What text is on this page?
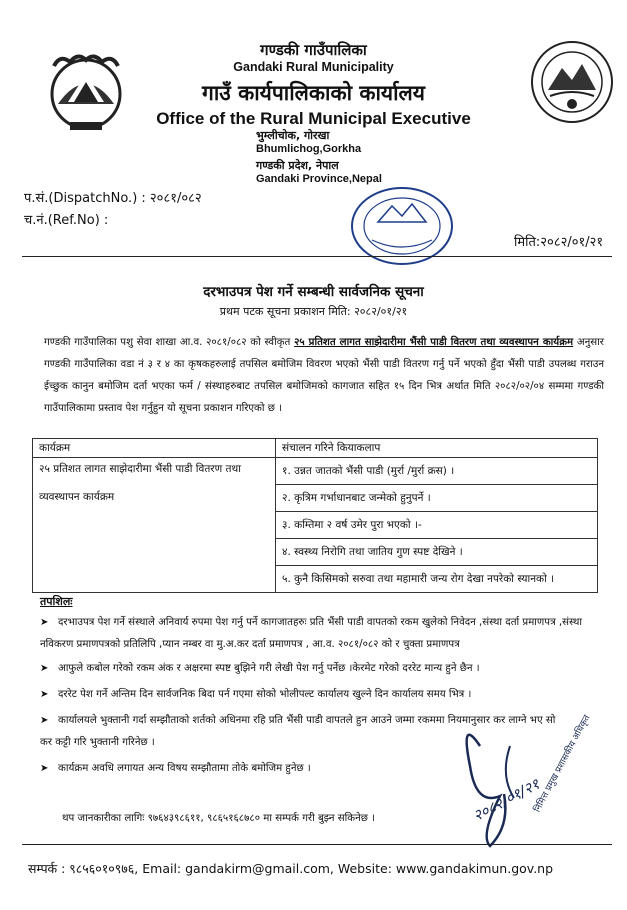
गण्डकी गाउँपालिका
Gandaki Rural Municipality
गाउँ कार्यपालिकाको कार्यालय
Office of the Rural Municipal Executive
भुम्लीचोक, गोरखा
Bhumlichog,Gorkha
गण्डकी प्रदेश, नेपाल
Gandaki Province,Nepal
प.सं.(DispatchNo.) : २०८१/०८२
च.नं.(Ref.No) :
मिति:२०८२/०१/२१
दरभाउपत्र पेश गर्ने सम्बन्धी सार्वजनिक सूचना
प्रथम पटक सूचना प्रकाशन मिति: २०८२/०१/२१
गण्डकी गाउँपालिका पशु सेवा शाखा आ.व. २०८१/०८२ को स्वीकृत २५ प्रतिशत लागत साझेदारीमा भैंसी पाडी वितरण तथा व्यवस्थापन कार्यक्रम अनुसार गण्डकी गाउँपालिका वडा नं ३ र ४ का कृषकहरुलाई तपसिल बमोजिम विवरण भएको भैंसी पाडी वितरण गर्नु पर्ने भएको हुँदा भैंसी पाडी उपलब्ध गराउन ईच्छुक कानुन बमोजिम दर्ता भएका फर्म / संस्थाहरुबाट तपसिल बमोजिमको कागजात सहित १५ दिन भित्र अर्थात मिति २०८२/०२/०४ सम्ममा गण्डकी गाउँपालिकामा प्रस्ताव पेश गर्नुहुन यो सूचना प्रकाशन गरिएको छ ।
कार्यक्रम	संचालन गरिने कियाकलाप

२५ प्रतिशत लागत साझेदारीमा भैंसी पाडी वितरण तथा
व्यवस्थापन कार्यक्रम	१. उन्नत जातको भैंसी पाडी (मुर्रा /मुर्रा क्रस) ।
	२. कृत्रिम गर्भाधानबाट जन्मेको हुनुपर्ने ।
	३. कम्तिमा २ वर्ष उमेर पुरा भएको ।-
	४. स्वस्थ्य निरोगि तथा जातिय गुण स्पष्ट देखिने ।
	५. कुनै किसिमको सरुवा तथा महामारी जन्य रोग देखा नपरेको स्यानको ।
तपशिलः
➤ दरभाउपत्र पेश गर्ने संस्थाले अनिवार्य रुपमा पेश गर्नु पर्ने कागजातहरुः प्रति भैंसी पाडी वापतको रकम खुलेको निवेदन ,संस्था दर्ता प्रमाणपत्र ,संस्था नविकरण प्रमाणपत्रको प्रतिलिपि ,प्यान नम्बर वा मु.अ.कर दर्ता प्रमाणपत्र , आ.व. २०८१/०८२ को र चुक्ता प्रमाणपत्र
➤ आफुले कबोल गरेको रकम अंक र अक्षरमा स्पष्ट बुझिने गरी लेखी पेश गर्नु पर्नेछ ।केरमेट गरेको दररेट मान्य हुने छैन ।
➤ दररेट पेश गर्ने अन्तिम दिन सार्वजनिक बिदा पर्न गएमा सोको भोलीपल्ट कार्यालय खुल्ने दिन कार्यालय समय भित्र ।
➤ कार्यालयले भुक्तानी गर्दा सम्झौताको शर्तको अधिनमा रहि प्रति भैंसी पाडी वापतले हुन आउने जम्मा रकममा नियमानुसार कर लाग्ने भए सो कर कट्टी गरि भुक्तानी गरिनेछ ।
➤ कार्यक्रम अवधि लगायत अन्य विषय सम्झौतामा तोके बमोजिम हुनेछ ।
थप जानकारीका लागिः ९७६४३९८६११, ९८६५१६८७८० मा सम्पर्क गरी बुझ्न सकिनेछ ।	२०८२/०१/२१
निमित्त प्रमुख प्रशासकीय अधिकृत
सम्पर्क : ९८५६०१०९७६, Email: gandakirm@gmail.com, Website: www.gandakimun.gov.np
